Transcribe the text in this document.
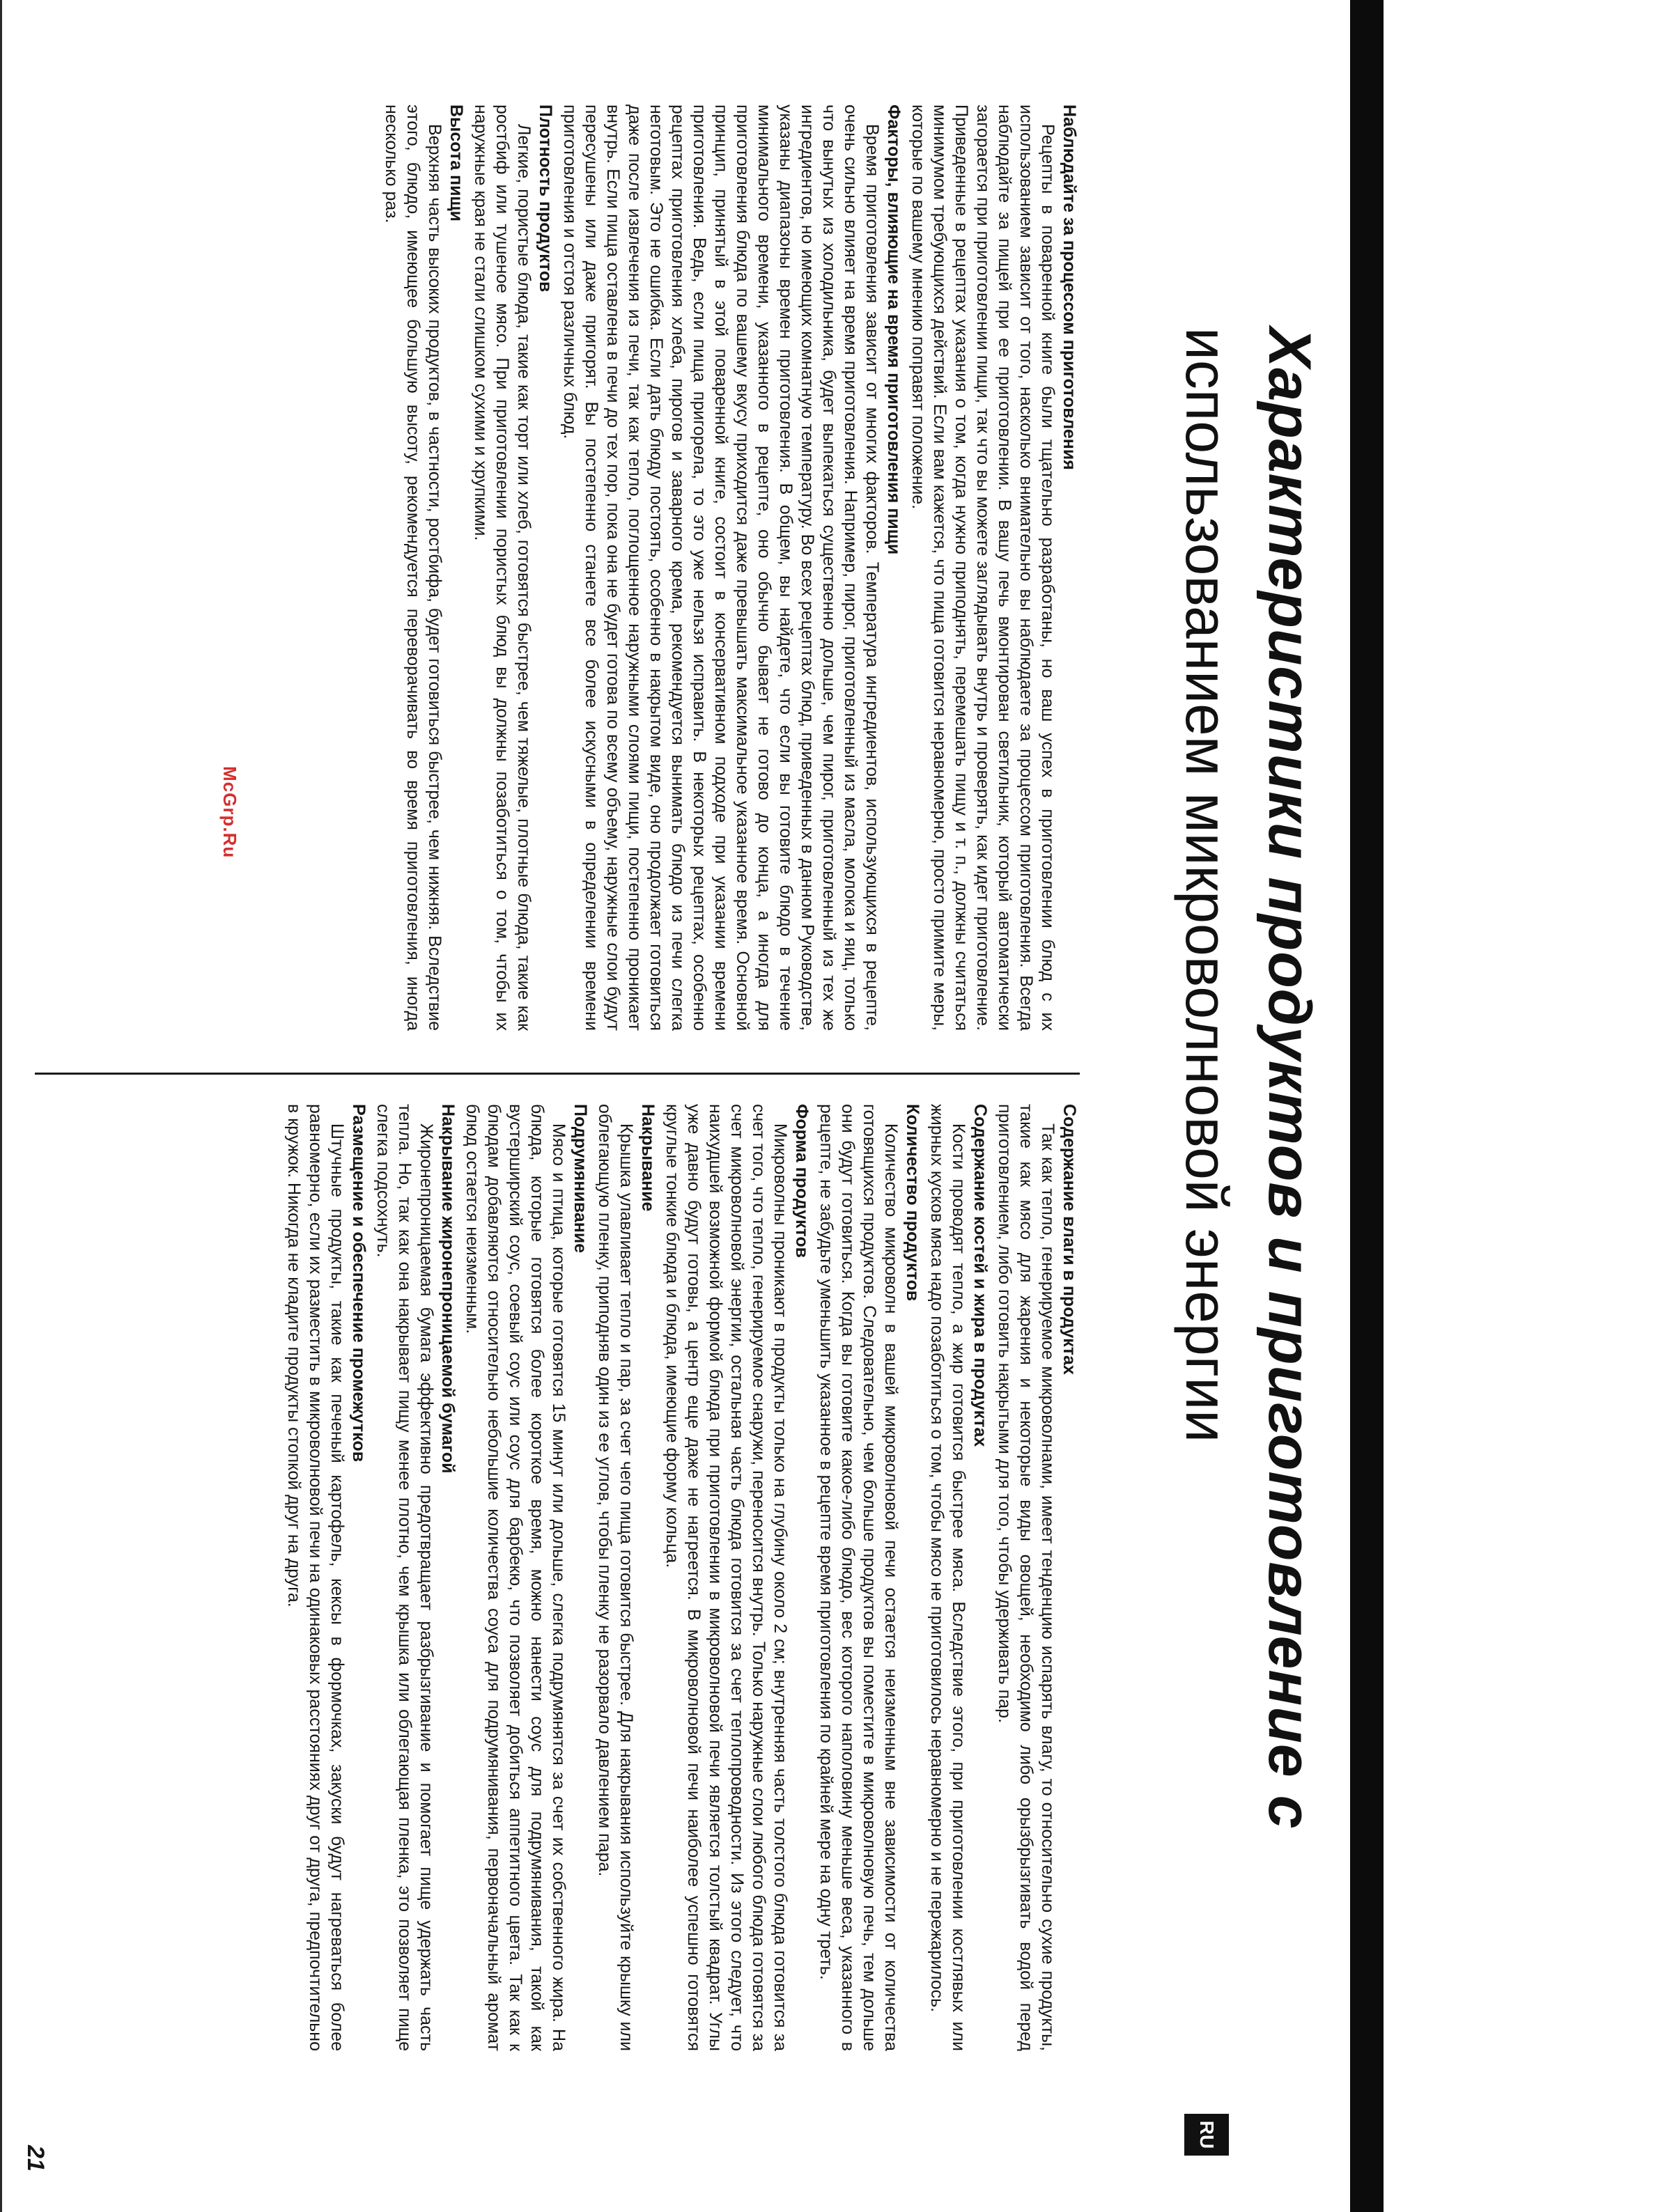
RU
Характеристики продуктов и приготовление с
использованием микроволновой энергии

Наблюдайте за процессом приготовления

Рецепты в поваренной книге были тщательно разработаны, но ваш успех в приготовлении блюд с их использованием зависит от того, насколько внимательно вы наблюдаете за процессом приготовления. Всегда наблюдайте за пищей при ее приготовлении. В вашу печь вмонтирован светильник, который автоматически загорается при приготовлении пищи, так что вы можете заглядывать внутрь и проверять, как идет приготовление. Приведенные в рецептах указания о том, когда нужно приподнять, перемешать пищу и т. п., должны считаться минимумом требующихся действий. Если вам кажется, что пища готовится неравномерно, просто примите меры, которые по вашему мнению поправят положение.

Факторы, влияющие на время приготовления пищи

Время приготовления зависит от многих факторов. Температура ингредиентов, использующихся в рецепте, очень сильно влияет на время приготовления. Например, пирог, приготовленный из масла, молока и яиц, только что вынутых из холодильника, будет выпекаться существенно дольше, чем пирог, приготовленный из тех же ингредиентов, но имеющих комнатную температуру. Во всех рецептах блюд, приведенных в данном Руководстве, указаны диапазоны времен приготовления. В общем, вы найдете, что если вы готовите блюдо в течение минимального времени, указанного в рецепте, оно обычно бывает не готово до конца, а иногда для приготовления блюда по вашему вкусу приходится даже превышать максимальное указанное время. Основной принцип, принятый в этой поваренной книге, состоит в консервативном подходе при указании времени приготовления. Ведь, если пища пригорела, то это уже нельзя исправить. В некоторых рецептах, особенно рецептах приготовления хлеба, пирогов и заварного крема, рекомендуется вынимать блюдо из печи слегка неготовым. Это не ошибка. Если дать блюду постоять, особенно в накрытом виде, оно продолжает готовиться даже после извлечения из печи, так как тепло, поглощенное наружными слоями пищи, постепенно проникает внутрь. Если пища оставлена в печи до тех пор, пока она не будет готова по всему объему, наружные слои будут пересушены или даже пригорят. Вы постепенно станете все более искусными в определении времени приготовления и отстоя различных блюд.

Плотность продуктов

Легкие, пористые блюда, такие как торт или хлеб, готовятся быстрее, чем тяжелые, плотные блюда, такие как ростбиф или тушеное мясо. При приготовлении пористых блюд вы должны позаботиться о том, чтобы их наружные края не стали слишком сухими и хрупкими.

Высота пищи

Верхняя часть высоких продуктов, в частности, ростбифа, будет готовиться быстрее, чем нижняя. Вследствие этого, блюдо, имеющее большую высоту, рекомендуется переворачивать во время приготовления, иногда несколько раз.

Содержание влаги в продуктах

Так как тепло, генерируемое микроволнами, имеет тенденцию испарять влагу, то относительно сухие продукты, такие как мясо для жарения и некоторые виды овощей, необходимо либо орызбрызгивать водой перед приготовлением, либо готовить накрытыми для того, чтобы удерживать пар.

Содержание костей и жира в продуктах

Кости проводят тепло, а жир готовится быстрее мяса. Вследствие этого, при приготовлении костлявых или жирных кусков мяса надо позаботиться о том, чтобы мясо не приготовилось неравномерно и не пережарилось.

Количество продуктов

Количество микроволн в вашей микроволновой печи остается неизменным вне зависимости от количества готовящихся продуктов. Следовательно, чем больше продуктов вы поместите в микроволновую печь, тем дольше они будут готовиться. Когда вы готовите какое-либо блюдо, вес которого наполовину меньше веса, указанного в рецепте, не забудьте уменьшить указанное в рецепте время приготовления по крайней мере на одну треть.

Форма продуктов

Микроволны проникают в продукты только на глубину около 2 см; внутренняя часть толстого блюда готовится за счет того, что тепло, генерируемое снаружи, переносится внутрь. Только наружные слои любого блюда готовятся за счет микроволновой энергии, остальная часть блюда готовится за счет теплопроводности. Из этого следует, что наихудшей возможной формой блюда при приготовлении в микроволновой печи является толстый квадрат. Углы уже давно будут готовы, а центр еще даже не нагреется. В микроволновой печи наиболее успешно готовятся круглые тонкие блюда и блюда, имеющие форму кольца.

Накрывание

Крышка улавливает тепло и пар, за счет чего пища готовится быстрее. Для накрывания используйте крышку или облегающую пленку, приподняв один из ее углов, чтобы пленку не разорвало давлением пара.

Подрумянивание

Мясо и птица, которые готовятся 15 минут или дольше, слегка подрумянятся за счет их собственного жира. На блюда, которые готовятся более короткое время, можно нанести соус для подрумянивания, такой как вустерширский соус, соевый соус или соус для барбекю, что позволяет добиться аппетитного цвета. Так как к блюдам добавляются относительно небольшие количества соуса для подрумянивания, первоначальный аромат блюд остается неизменным.

Накрывание жиронепроницаемой бумагой

Жиронепроницаемая бумага эффективно предотвращает разбрызгивание и помогает пище удержать часть тепла. Но, так как она накрывает пищу менее плотно, чем крышка или облегающая пленка, это позволяет пище слегка подсохнуть.

Размещение и обеспечение промежутков

Штучные продукты, такие как печеный картофель, кексы в формочках, закуски будут нагреваться более равномерно, если их разместить в микроволновой печи на одинаковых расстояниях друг от друга, предпочтительно в кружок. Никогда не кладите продукты стопкой друг на друга.

McGrp.Ru
21
